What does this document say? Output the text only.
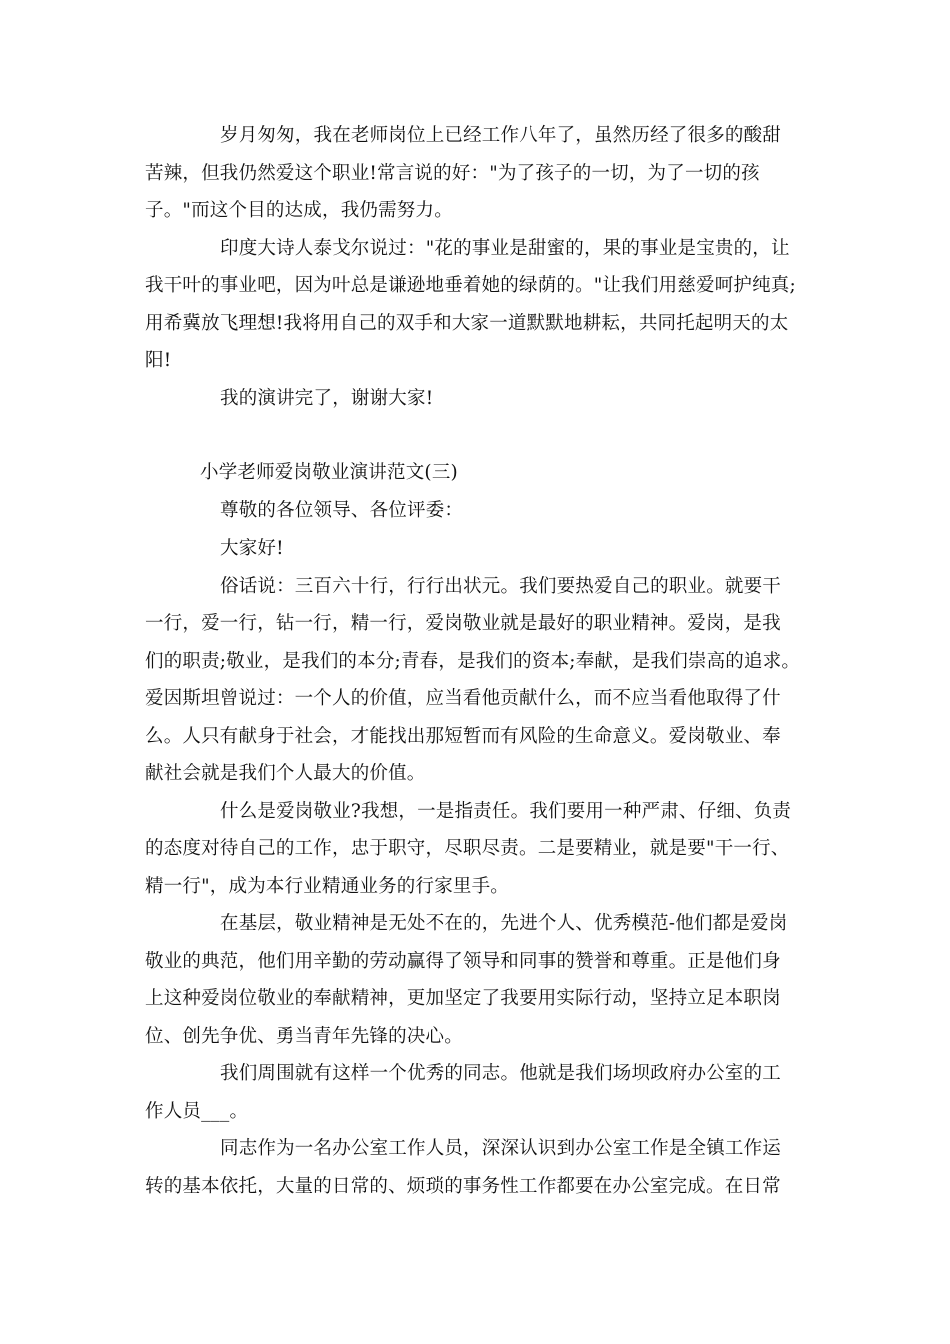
岁月匆匆，我在老师岗位上已经工作八年了，虽然历经了很多的酸甜
苦辣，但我仍然爱这个职业!常言说的好："为了孩子的一切，为了一切的孩
子。"而这个目的达成，我仍需努力。
印度大诗人泰戈尔说过："花的事业是甜蜜的，果的事业是宝贵的，让
我干叶的事业吧，因为叶总是谦逊地垂着她的绿荫的。"让我们用慈爱呵护纯真;
用希冀放飞理想!我将用自己的双手和大家一道默默地耕耘，共同托起明天的太
阳!
我的演讲完了，谢谢大家!
小学老师爱岗敬业演讲范文(三)
尊敬的各位领导、各位评委：
大家好!
俗话说：三百六十行，行行出状元。我们要热爱自己的职业。就要干
一行，爱一行，钻一行，精一行，爱岗敬业就是最好的职业精神。爱岗，是我
们的职责;敬业，是我们的本分;青春，是我们的资本;奉献，是我们崇高的追求。
爱因斯坦曾说过：一个人的价值，应当看他贡献什么，而不应当看他取得了什
么。人只有献身于社会，才能找出那短暂而有风险的生命意义。爱岗敬业、奉
献社会就是我们个人最大的价值。
什么是爱岗敬业?我想，一是指责任。我们要用一种严肃、仔细、负责
的态度对待自己的工作，忠于职守，尽职尽责。二是要精业，就是要"干一行、
精一行"，成为本行业精通业务的行家里手。
在基层，敬业精神是无处不在的，先进个人、优秀模范-他们都是爱岗
敬业的典范，他们用辛勤的劳动赢得了领导和同事的赞誉和尊重。正是他们身
上这种爱岗位敬业的奉献精神，更加坚定了我要用实际行动，坚持立足本职岗
位、创先争优、勇当青年先锋的决心。
我们周围就有这样一个优秀的同志。他就是我们场坝政府办公室的工
作人员___。
同志作为一名办公室工作人员，深深认识到办公室工作是全镇工作运
转的基本依托，大量的日常的、烦琐的事务性工作都要在办公室完成。在日常
